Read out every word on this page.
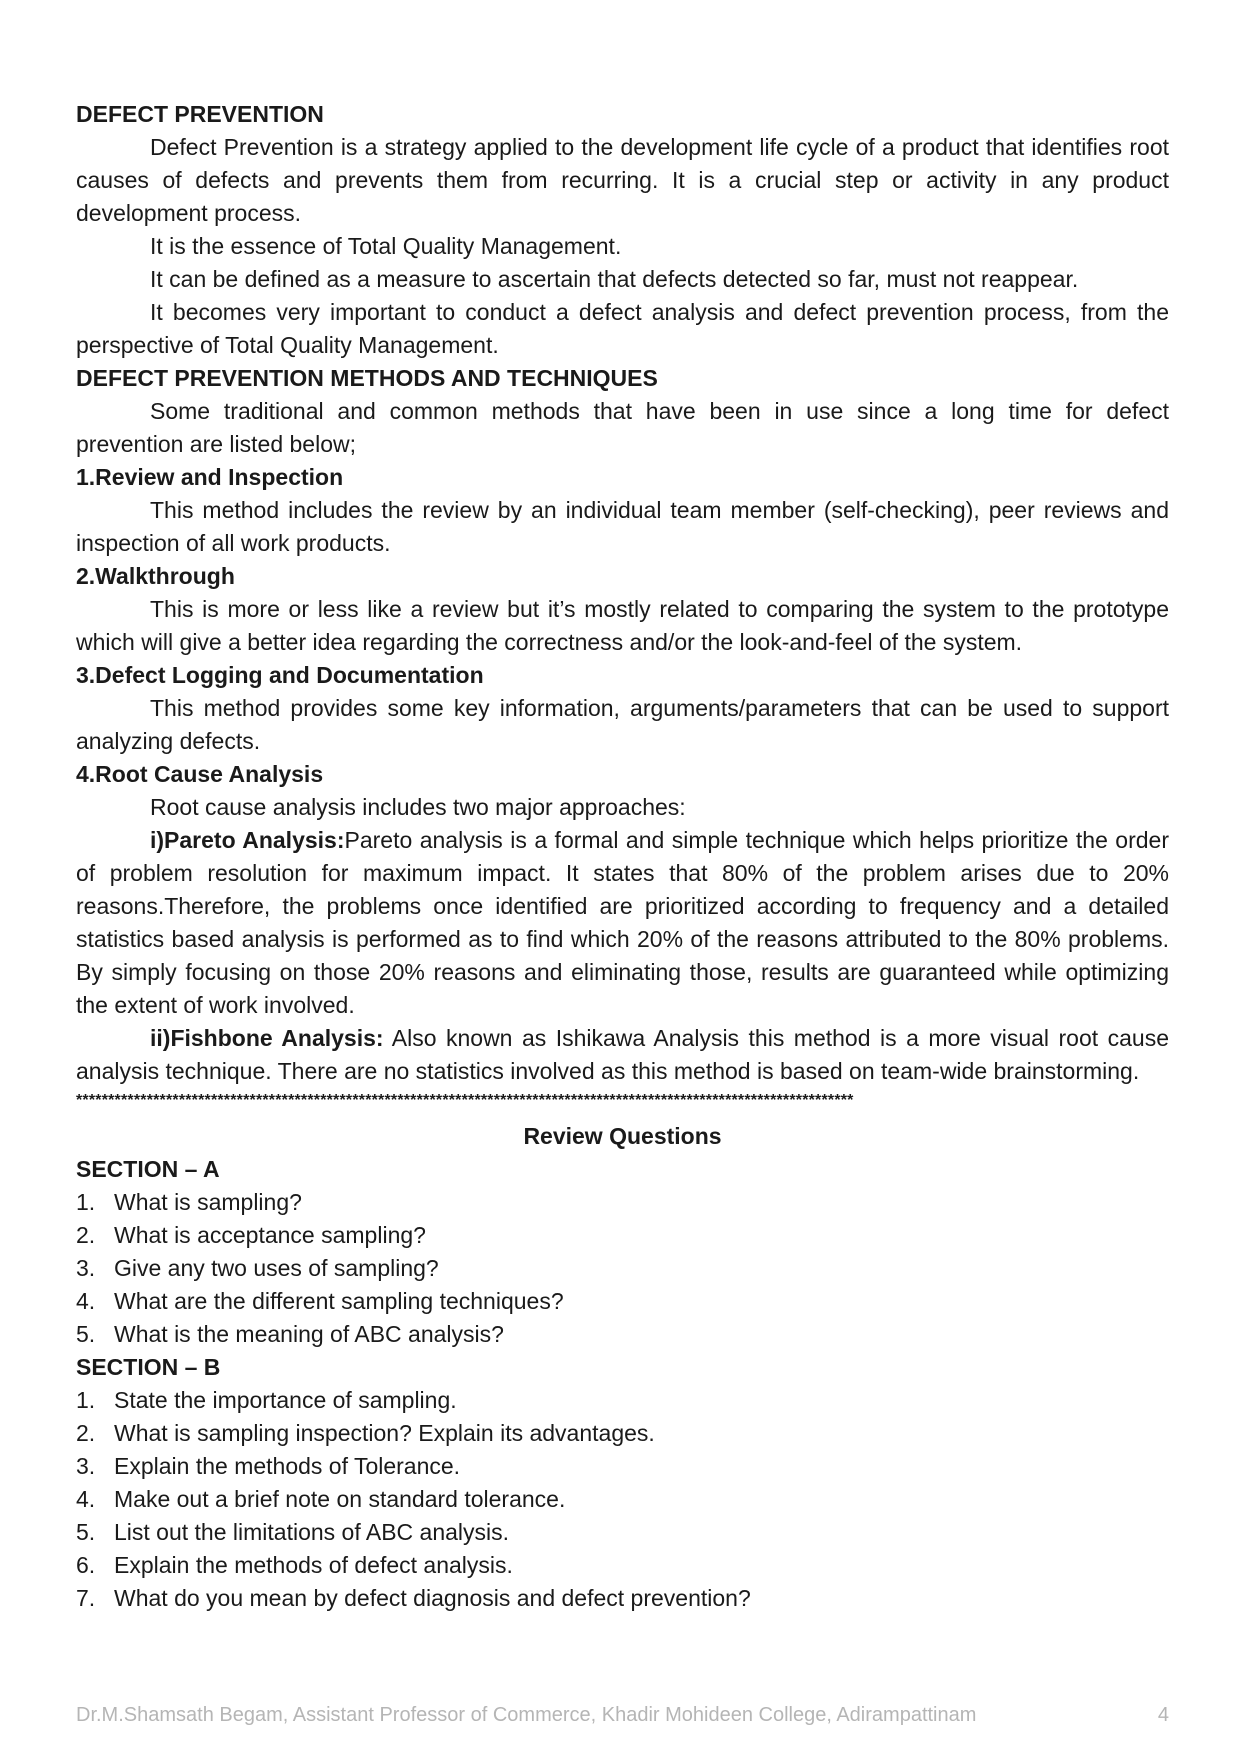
DEFECT PREVENTION

Defect Prevention is a strategy applied to the development life cycle of a product that identifies root causes of defects and prevents them from recurring. It is a crucial step or activity in any product development process.

It is the essence of Total Quality Management.

It can be defined as a measure to ascertain that defects detected so far, must not reappear.

It becomes very important to conduct a defect analysis and defect prevention process, from the perspective of Total Quality Management.

DEFECT PREVENTION METHODS AND TECHNIQUES

Some traditional and common methods that have been in use since a long time for defect prevention are listed below;

1.Review and Inspection

This method includes the review by an individual team member (self-checking), peer reviews and inspection of all work products.

2.Walkthrough

This is more or less like a review but it’s mostly related to comparing the system to the prototype which will give a better idea regarding the correctness and/or the look-and-feel of the system.

3.Defect Logging and Documentation

This method provides some key information, arguments/parameters that can be used to support analyzing defects.

4.Root Cause Analysis

Root cause analysis includes two major approaches:

i)Pareto Analysis:Pareto analysis is a formal and simple technique which helps prioritize the order of problem resolution for maximum impact. It states that 80% of the problem arises due to 20% reasons.Therefore, the problems once identified are prioritized according to frequency and a detailed statistics based analysis is performed as to find which 20% of the reasons attributed to the 80% problems. By simply focusing on those 20% reasons and eliminating those, results are guaranteed while optimizing the extent of work involved.

ii)Fishbone Analysis: Also known as Ishikawa Analysis this method is a more visual root cause analysis technique. There are no statistics involved as this method is based on team-wide brainstorming.

*************************************************************************************************************************

Review Questions

SECTION – A

1. What is sampling?
2. What is acceptance sampling?
3. Give any two uses of sampling?
4. What are the different sampling techniques?
5. What is the meaning of ABC analysis?

SECTION – B

1. State the importance of sampling.
2. What is sampling inspection? Explain its advantages.
3. Explain the methods of Tolerance.
4. Make out a brief note on standard tolerance.
5. List out the limitations of ABC analysis.
6. Explain the methods of defect analysis.
7. What do you mean by defect diagnosis and defect prevention?
Dr.M.Shamsath Begam, Assistant Professor of Commerce, Khadir Mohideen College, Adirampattinam	4
